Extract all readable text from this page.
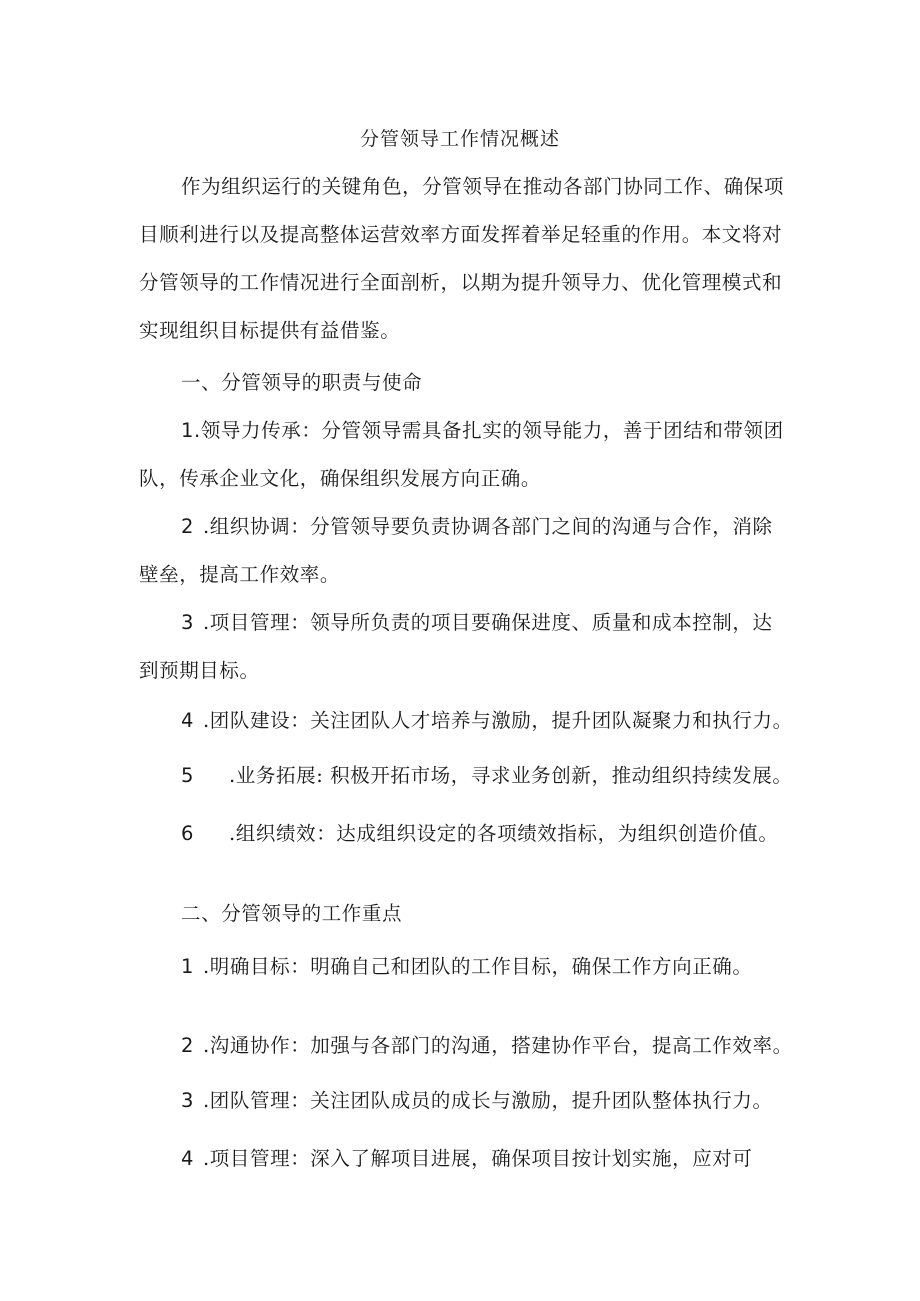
分管领导工作情况概述
作为组织运行的关键角色，分管领导在推动各部门协同工作、确保项
目顺利进行以及提高整体运营效率方面发挥着举足轻重的作用。本文将对
分管领导的工作情况进行全面剖析，以期为提升领导力、优化管理模式和
实现组织目标提供有益借鉴。
一、分管领导的职责与使命
1.领导力传承：分管领导需具备扎实的领导能力，善于团结和带领团
队，传承企业文化，确保组织发展方向正确。
2 .组织协调：分管领导要负责协调各部门之间的沟通与合作，消除
壁垒，提高工作效率。
3 .项目管理：领导所负责的项目要确保进度、质量和成本控制，达
到预期目标。
4 .团队建设：关注团队人才培养与激励，提升团队凝聚力和执行力。
5 .业务拓展: 积极开拓市场，寻求业务创新，推动组织持续发展。
6 .组织绩效：达成组织设定的各项绩效指标，为组织创造价值。
二、分管领导的工作重点
1 .明确目标：明确自己和团队的工作目标，确保工作方向正确。
2 .沟通协作：加强与各部门的沟通，搭建协作平台，提高工作效率。
3 .团队管理：关注团队成员的成长与激励，提升团队整体执行力。
4 .项目管理：深入了解项目进展，确保项目按计划实施，应对可
